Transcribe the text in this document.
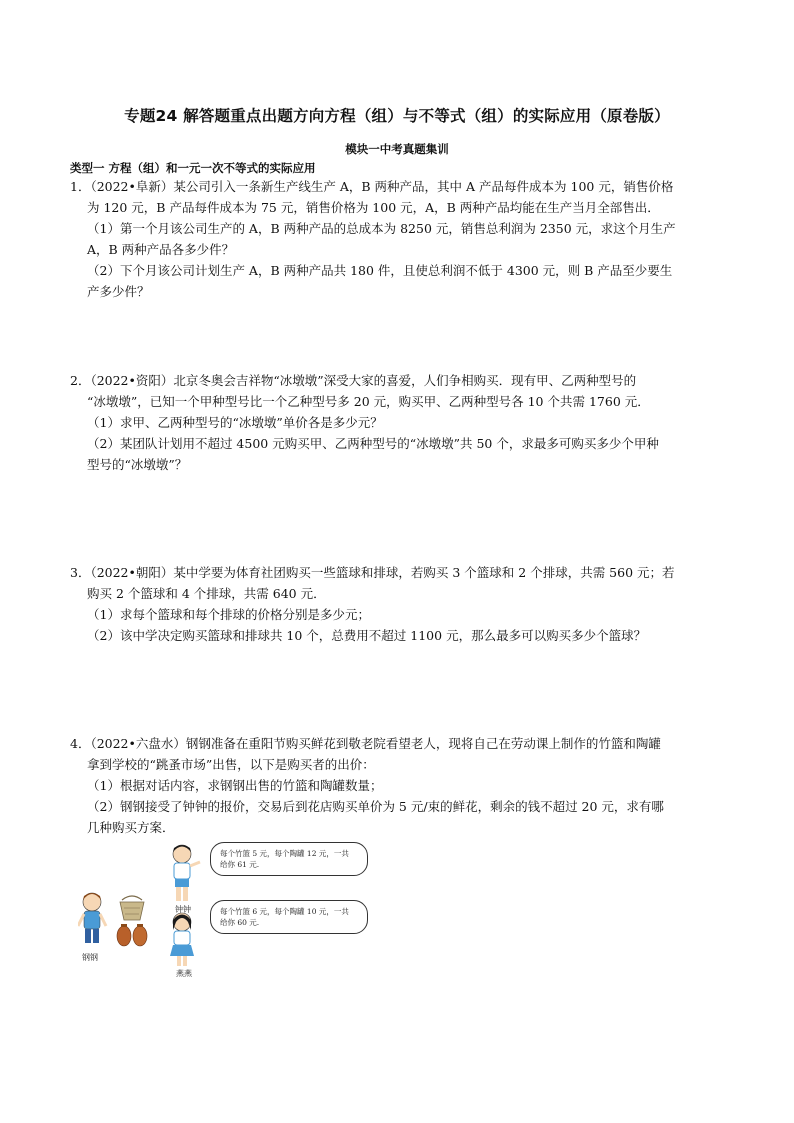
专题24 解答题重点出题方向方程（组）与不等式（组）的实际应用（原卷版）
模块一中考真题集训
类型一 方程（组）和一元一次不等式的实际应用

1．（2022•阜新）某公司引入一条新生产线生产 A，B 两种产品，其中 A 产品每件成本为 100 元，销售价格

为 120 元，B 产品每件成本为 75 元，销售价格为 100 元，A，B 两种产品均能在生产当月全部售出．

（1）第一个月该公司生产的 A，B 两种产品的总成本为 8250 元，销售总利润为 2350 元，求这个月生产

A，B 两种产品各多少件？

（2）下个月该公司计划生产 A，B 两种产品共 180 件，且使总利润不低于 4300 元，则 B 产品至少要生

产多少件？

2．（2022•资阳）北京冬奥会吉祥物“冰墩墩”深受大家的喜爱，人们争相购买．现有甲、乙两种型号的

“冰墩墩”，已知一个甲种型号比一个乙种型号多 20 元，购买甲、乙两种型号各 10 个共需 1760 元．

（1）求甲、乙两种型号的“冰墩墩”单价各是多少元？

（2）某团队计划用不超过 4500 元购买甲、乙两种型号的“冰墩墩”共 50 个，求最多可购买多少个甲种

型号的“冰墩墩”？

3．（2022•朝阳）某中学要为体育社团购买一些篮球和排球，若购买 3 个篮球和 2 个排球，共需 560 元；若

购买 2 个篮球和 4 个排球，共需 640 元．

（1）求每个篮球和每个排球的价格分别是多少元；

（2）该中学决定购买篮球和排球共 10 个，总费用不超过 1100 元，那么最多可以购买多少个篮球？

4．（2022•六盘水）钢钢准备在重阳节购买鲜花到敬老院看望老人，现将自己在劳动课上制作的竹篮和陶罐

拿到学校的“跳蚤市场”出售，以下是购买者的出价：

（1）根据对话内容，求钢钢出售的竹篮和陶罐数量；

（2）钢钢接受了钟钟的报价，交易后到花店购买单价为 5 元/束的鲜花，剩余的钱不超过 20 元，求有哪

几种购买方案．

每个竹篮 5 元，每个陶罐 12 元，一共
给你 61 元.
每个竹篮 6 元，每个陶罐 10 元，一共
给你 60 元.
钢钢
钟钟
燕燕
